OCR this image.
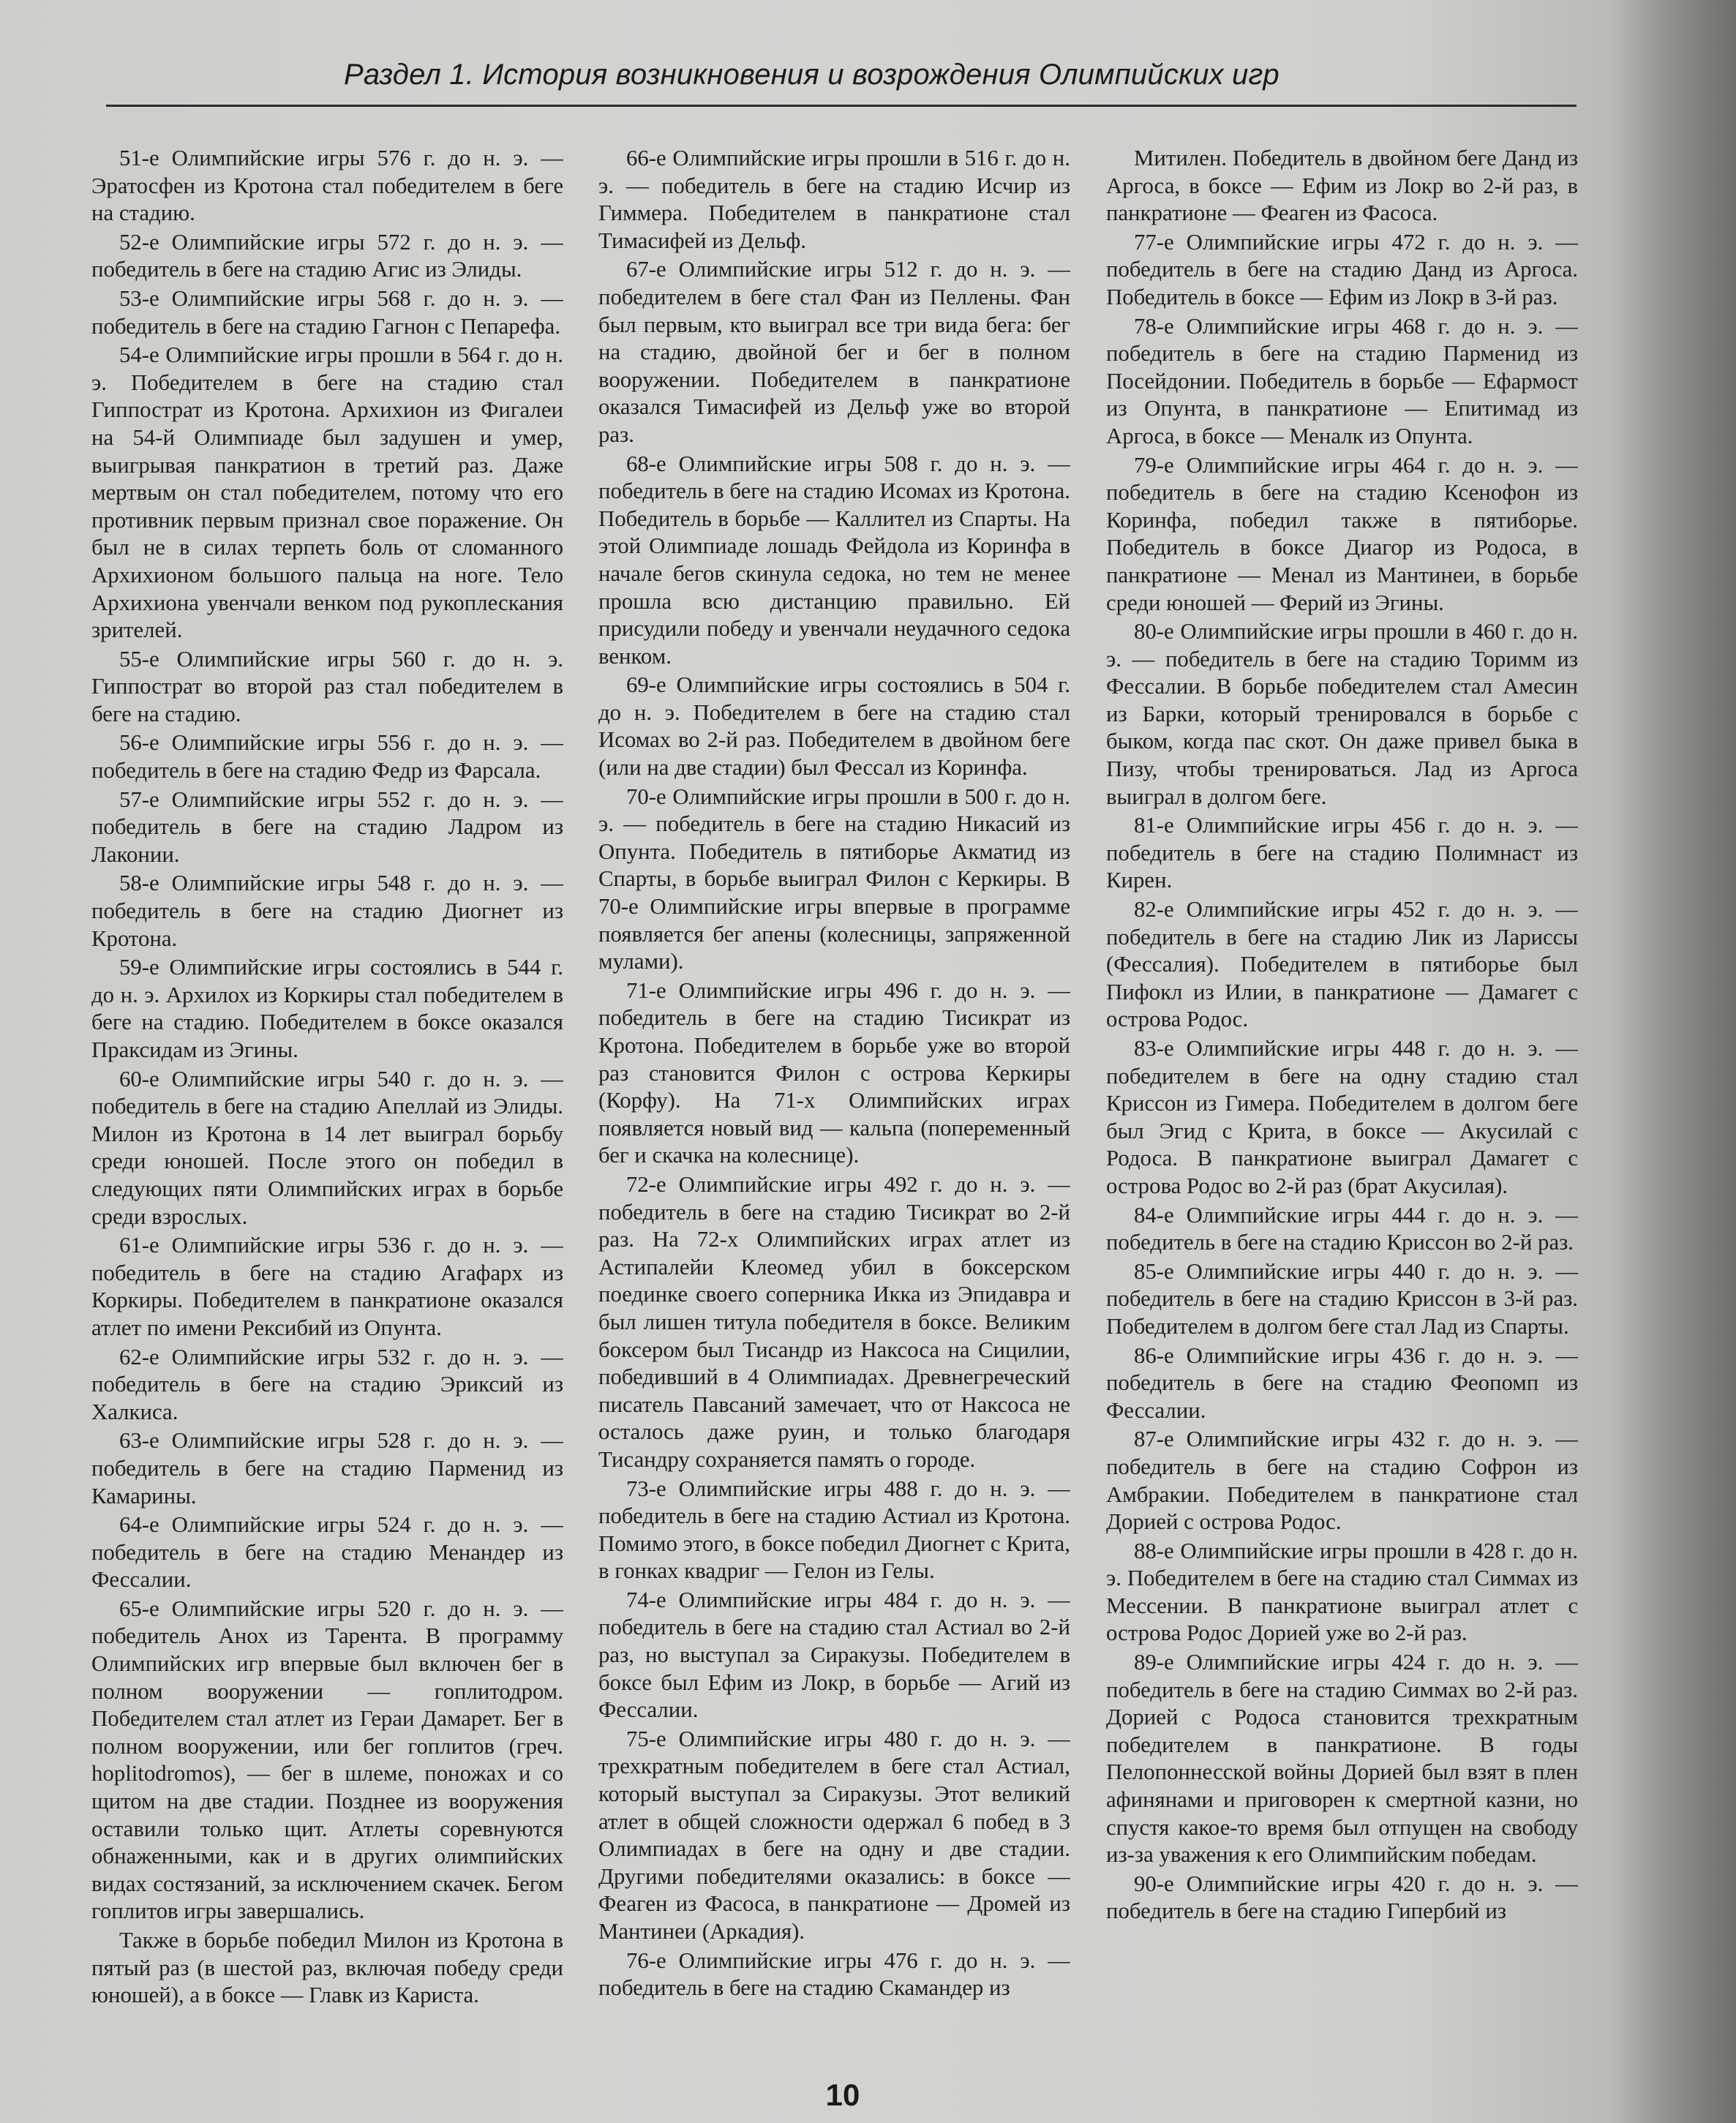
Раздел 1. История возникновения и возрождения Олимпийских игр

51-е Олимпийские игры 576 г. до н. э. — Эратосфен из Кротона стал победителем в беге на стадию.

52-е Олимпийские игры 572 г. до н. э. — победитель в беге на стадию Агис из Элиды.

53-е Олимпийские игры 568 г. до н. э. — победитель в беге на стадию Гагнон с Пепарефа.

54-е Олимпийские игры прошли в 564 г. до н. э. Победителем в беге на стадию стал Гиппострат из Кротона. Архихион из Фигалеи на 54-й Олимпиаде был задушен и умер, выигрывая панкратион в третий раз. Даже мертвым он стал победителем, потому что его противник первым признал свое поражение. Он был не в силах терпеть боль от сломанного Архихионом большого пальца на ноге. Тело Архихиона увенчали венком под рукоплескания зрителей.

55-е Олимпийские игры 560 г. до н. э. Гиппострат во второй раз стал победителем в беге на стадию.

56-е Олимпийские игры 556 г. до н. э. — победитель в беге на стадию Федр из Фарсала.

57-е Олимпийские игры 552 г. до н. э. — победитель в беге на стадию Ладром из Лаконии.

58-е Олимпийские игры 548 г. до н. э. — победитель в беге на стадию Диогнет из Кротона.

59-е Олимпийские игры состоялись в 544 г. до н. э. Архилох из Коркиры стал победителем в беге на стадию. Победителем в боксе оказался Праксидам из Эгины.

60-е Олимпийские игры 540 г. до н. э. — победитель в беге на стадию Апеллай из Элиды. Милон из Кротона в 14 лет выиграл борьбу среди юношей. После этого он победил в следующих пяти Олимпийских играх в борьбе среди взрослых.

61-е Олимпийские игры 536 г. до н. э. — победитель в беге на стадию Агафарх из Коркиры. Победителем в панкратионе оказался атлет по имени Рексибий из Опунта.

62-е Олимпийские игры 532 г. до н. э. — победитель в беге на стадию Эриксий из Халкиса.

63-е Олимпийские игры 528 г. до н. э. — победитель в беге на стадию Парменид из Камарины.

64-е Олимпийские игры 524 г. до н. э. — победитель в беге на стадию Менандер из Фессалии.

65-е Олимпийские игры 520 г. до н. э. — победитель Анох из Тарента. В программу Олимпийских игр впервые был включен бег в полном вооружении — гоплитодром. Победителем стал атлет из Гераи Дамарет. Бег в полном вооружении, или бег гоплитов (греч. hoplitodromos), — бег в шлеме, поножах и со щитом на две стадии. Позднее из вооружения оставили только щит. Атлеты соревнуются обнаженными, как и в других олимпийских видах состязаний, за исключением скачек. Бегом гоплитов игры завершались.

Также в борьбе победил Милон из Кротона в пятый раз (в шестой раз, включая победу среди юношей), а в боксе — Главк из Кариста.

66-е Олимпийские игры прошли в 516 г. до н. э. — победитель в беге на стадию Исчир из Гиммера. Победителем в панкратионе стал Тимасифей из Дельф.

67-е Олимпийские игры 512 г. до н. э. — победителем в беге стал Фан из Пеллены. Фан был первым, кто выиграл все три вида бега: бег на стадию, двойной бег и бег в полном вооружении. Победителем в панкратионе оказался Тимасифей из Дельф уже во второй раз.

68-е Олимпийские игры 508 г. до н. э. — победитель в беге на стадию Исомах из Кротона. Победитель в борьбе — Каллител из Спарты. На этой Олимпиаде лошадь Фейдола из Коринфа в начале бегов скинула седока, но тем не менее прошла всю дистанцию правильно. Ей присудили победу и увенчали неудачного седока венком.

69-е Олимпийские игры состоялись в 504 г. до н. э. Победителем в беге на стадию стал Исомах во 2-й раз. Победителем в двойном беге (или на две стадии) был Фессал из Коринфа.

70-е Олимпийские игры прошли в 500 г. до н. э. — победитель в беге на стадию Никасий из Опунта. Победитель в пятиборье Акматид из Спарты, в борьбе выиграл Филон с Керкиры. В 70-е Олимпийские игры впервые в программе появляется бег апены (колесницы, запряженной мулами).

71-е Олимпийские игры 496 г. до н. э. — победитель в беге на стадию Тисикрат из Кротона. Победителем в борьбе уже во второй раз становится Филон с острова Керкиры (Корфу). На 71-х Олимпийских играх появляется новый вид — кальпа (попеременный бег и скачка на колеснице).

72-е Олимпийские игры 492 г. до н. э. — победитель в беге на стадию Тисикрат во 2-й раз. На 72-х Олимпийских играх атлет из Астипалейи Клеомед убил в боксерском поединке своего соперника Икка из Эпидавра и был лишен титула победителя в боксе. Великим боксером был Тисандр из Наксоса на Сицилии, победивший в 4 Олимпиадах. Древнегреческий писатель Павсаний замечает, что от Наксоса не осталось даже руин, и только благодаря Тисандру сохраняется память о городе.

73-е Олимпийские игры 488 г. до н. э. — победитель в беге на стадию Астиал из Кротона. Помимо этого, в боксе победил Диогнет с Крита, в гонках квадриг — Гелон из Гелы.

74-е Олимпийские игры 484 г. до н. э. — победитель в беге на стадию стал Астиал во 2-й раз, но выступал за Сиракузы. Победителем в боксе был Ефим из Локр, в борьбе — Агий из Фессалии.

75-е Олимпийские игры 480 г. до н. э. — трехкратным победителем в беге стал Астиал, который выступал за Сиракузы. Этот великий атлет в общей сложности одержал 6 побед в 3 Олимпиадах в беге на одну и две стадии. Другими победителями оказались: в боксе — Феаген из Фасоса, в панкратионе — Дромей из Мантинеи (Аркадия).

76-е Олимпийские игры 476 г. до н. э. — победитель в беге на стадию Скамандер из

Митилен. Победитель в двойном беге Данд из Аргоса, в боксе — Ефим из Локр во 2-й раз, в панкратионе — Феаген из Фасоса.

77-е Олимпийские игры 472 г. до н. э. — победитель в беге на стадию Данд из Аргоса. Победитель в боксе — Ефим из Локр в 3-й раз.

78-е Олимпийские игры 468 г. до н. э. — победитель в беге на стадию Парменид из Посейдонии. Победитель в борьбе — Ефармост из Опунта, в панкратионе — Епитимад из Аргоса, в боксе — Меналк из Опунта.

79-е Олимпийские игры 464 г. до н. э. — победитель в беге на стадию Ксенофон из Коринфа, победил также в пятиборье. Победитель в боксе Диагор из Родоса, в панкратионе — Менал из Мантинеи, в борьбе среди юношей — Ферий из Эгины.

80-е Олимпийские игры прошли в 460 г. до н. э. — победитель в беге на стадию Торимм из Фессалии. В борьбе победителем стал Амесин из Барки, который тренировался в борьбе с быком, когда пас скот. Он даже привел быка в Пизу, чтобы тренироваться. Лад из Аргоса выиграл в долгом беге.

81-е Олимпийские игры 456 г. до н. э. — победитель в беге на стадию Полимнаст из Кирен.

82-е Олимпийские игры 452 г. до н. э. — победитель в беге на стадию Лик из Лариссы (Фессалия). Победителем в пятиборье был Пифокл из Илии, в панкратионе — Дамагет с острова Родос.

83-е Олимпийские игры 448 г. до н. э. — победителем в беге на одну стадию стал Криссон из Гимера. Победителем в долгом беге был Эгид с Крита, в боксе — Акусилай с Родоса. В панкратионе выиграл Дамагет с острова Родос во 2-й раз (брат Акусилая).

84-е Олимпийские игры 444 г. до н. э. — победитель в беге на стадию Криссон во 2-й раз.

85-е Олимпийские игры 440 г. до н. э. — победитель в беге на стадию Криссон в 3-й раз. Победителем в долгом беге стал Лад из Спарты.

86-е Олимпийские игры 436 г. до н. э. — победитель в беге на стадию Феопомп из Фессалии.

87-е Олимпийские игры 432 г. до н. э. — победитель в беге на стадию Софрон из Амбракии. Победителем в панкратионе стал Дорией с острова Родос.

88-е Олимпийские игры прошли в 428 г. до н. э. Победителем в беге на стадию стал Симмах из Мессении. В панкратионе выиграл атлет с острова Родос Дорией уже во 2-й раз.

89-е Олимпийские игры 424 г. до н. э. — победитель в беге на стадию Симмах во 2-й раз. Дорией с Родоса становится трехкратным победителем в панкратионе. В годы Пелопоннесской войны Дорией был взят в плен афинянами и приговорен к смертной казни, но спустя какое-то время был отпущен на свободу из-за уважения к его Олимпийским победам.

90-е Олимпийские игры 420 г. до н. э. — победитель в беге на стадию Гипербий из

10
